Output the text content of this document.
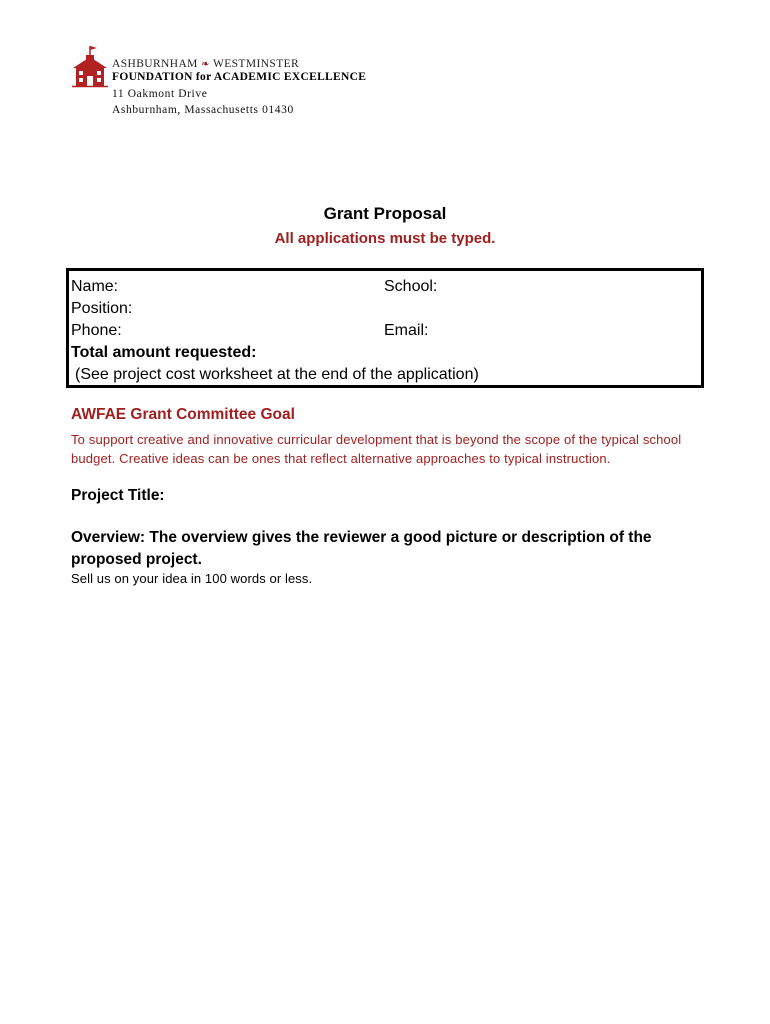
ASHBURNHAM ❧ WESTMINSTER
FOUNDATION for ACADEMIC EXCELLENCE
11 Oakmont Drive
Ashburnham, Massachusetts 01430
Grant Proposal
All applications must be typed.
Name:	School:
Position:
Phone:	Email:
Total amount requested:
(See project cost worksheet at the end of the application)
AWFAE Grant Committee Goal
To support creative and innovative curricular development that is beyond the scope of the typical school budget. Creative ideas can be ones that reflect alternative approaches to typical instruction.
Project Title:
Overview: The overview gives the reviewer a good picture or description of the proposed project.
Sell us on your idea in 100 words or less.
